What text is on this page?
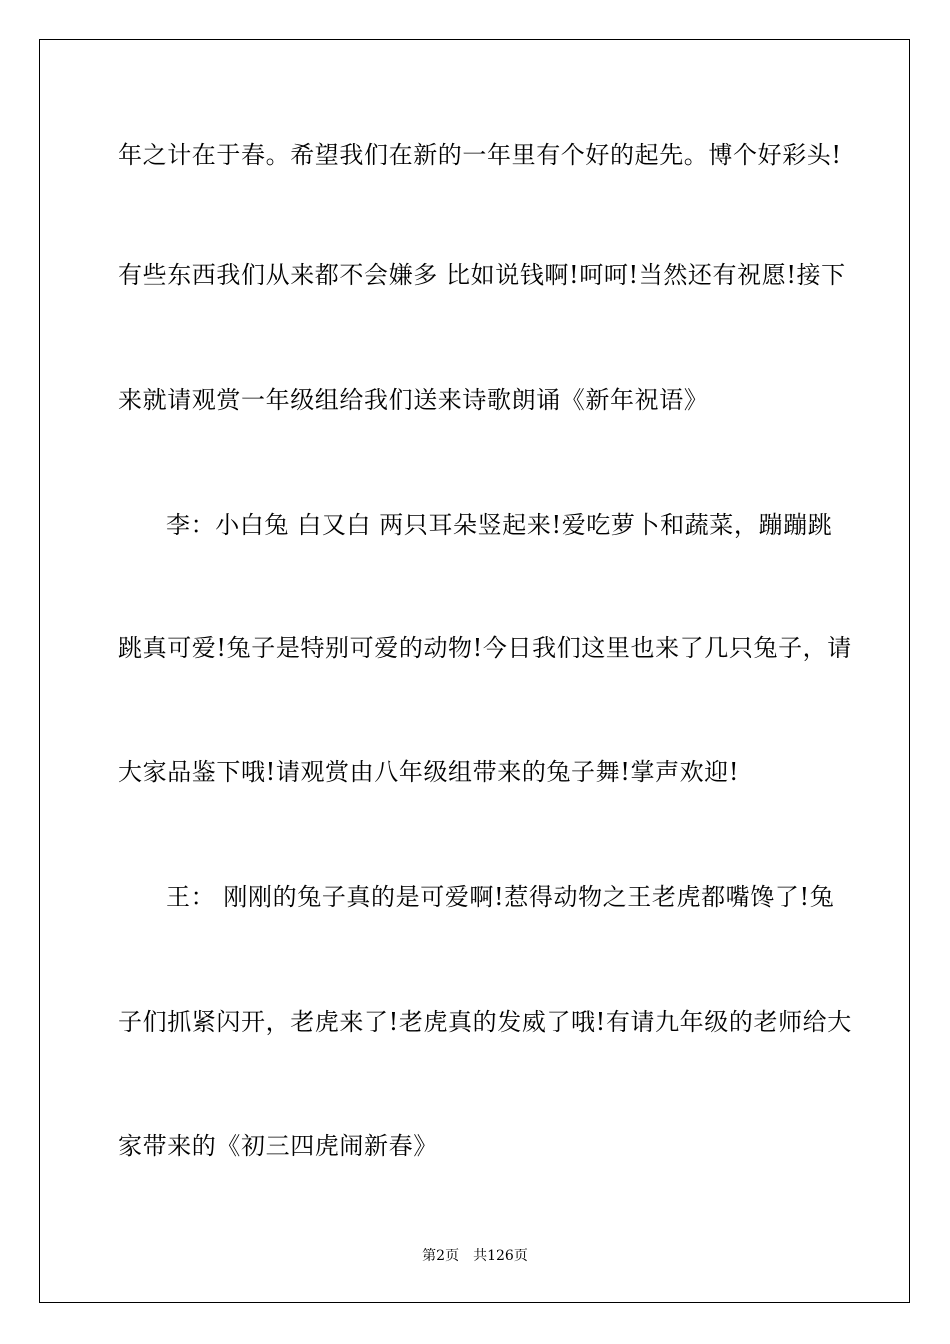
年之计在于春。希望我们在新的一年里有个好的起先。博个好彩头!
有些东西我们从来都不会嫌多 比如说钱啊!呵呵!当然还有祝愿!接下
来就请观赏一年级组给我们送来诗歌朗诵《新年祝语》
李：小白兔 白又白 两只耳朵竖起来!爱吃萝卜和蔬菜，蹦蹦跳
跳真可爱!兔子是特别可爱的动物!今日我们这里也来了几只兔子，请
大家品鉴下哦!请观赏由八年级组带来的兔子舞!掌声欢迎!
王： 刚刚的兔子真的是可爱啊!惹得动物之王老虎都嘴馋了!兔
子们抓紧闪开，老虎来了!老虎真的发威了哦!有请九年级的老师给大
家带来的《初三四虎闹新春》
第2页 共126页
